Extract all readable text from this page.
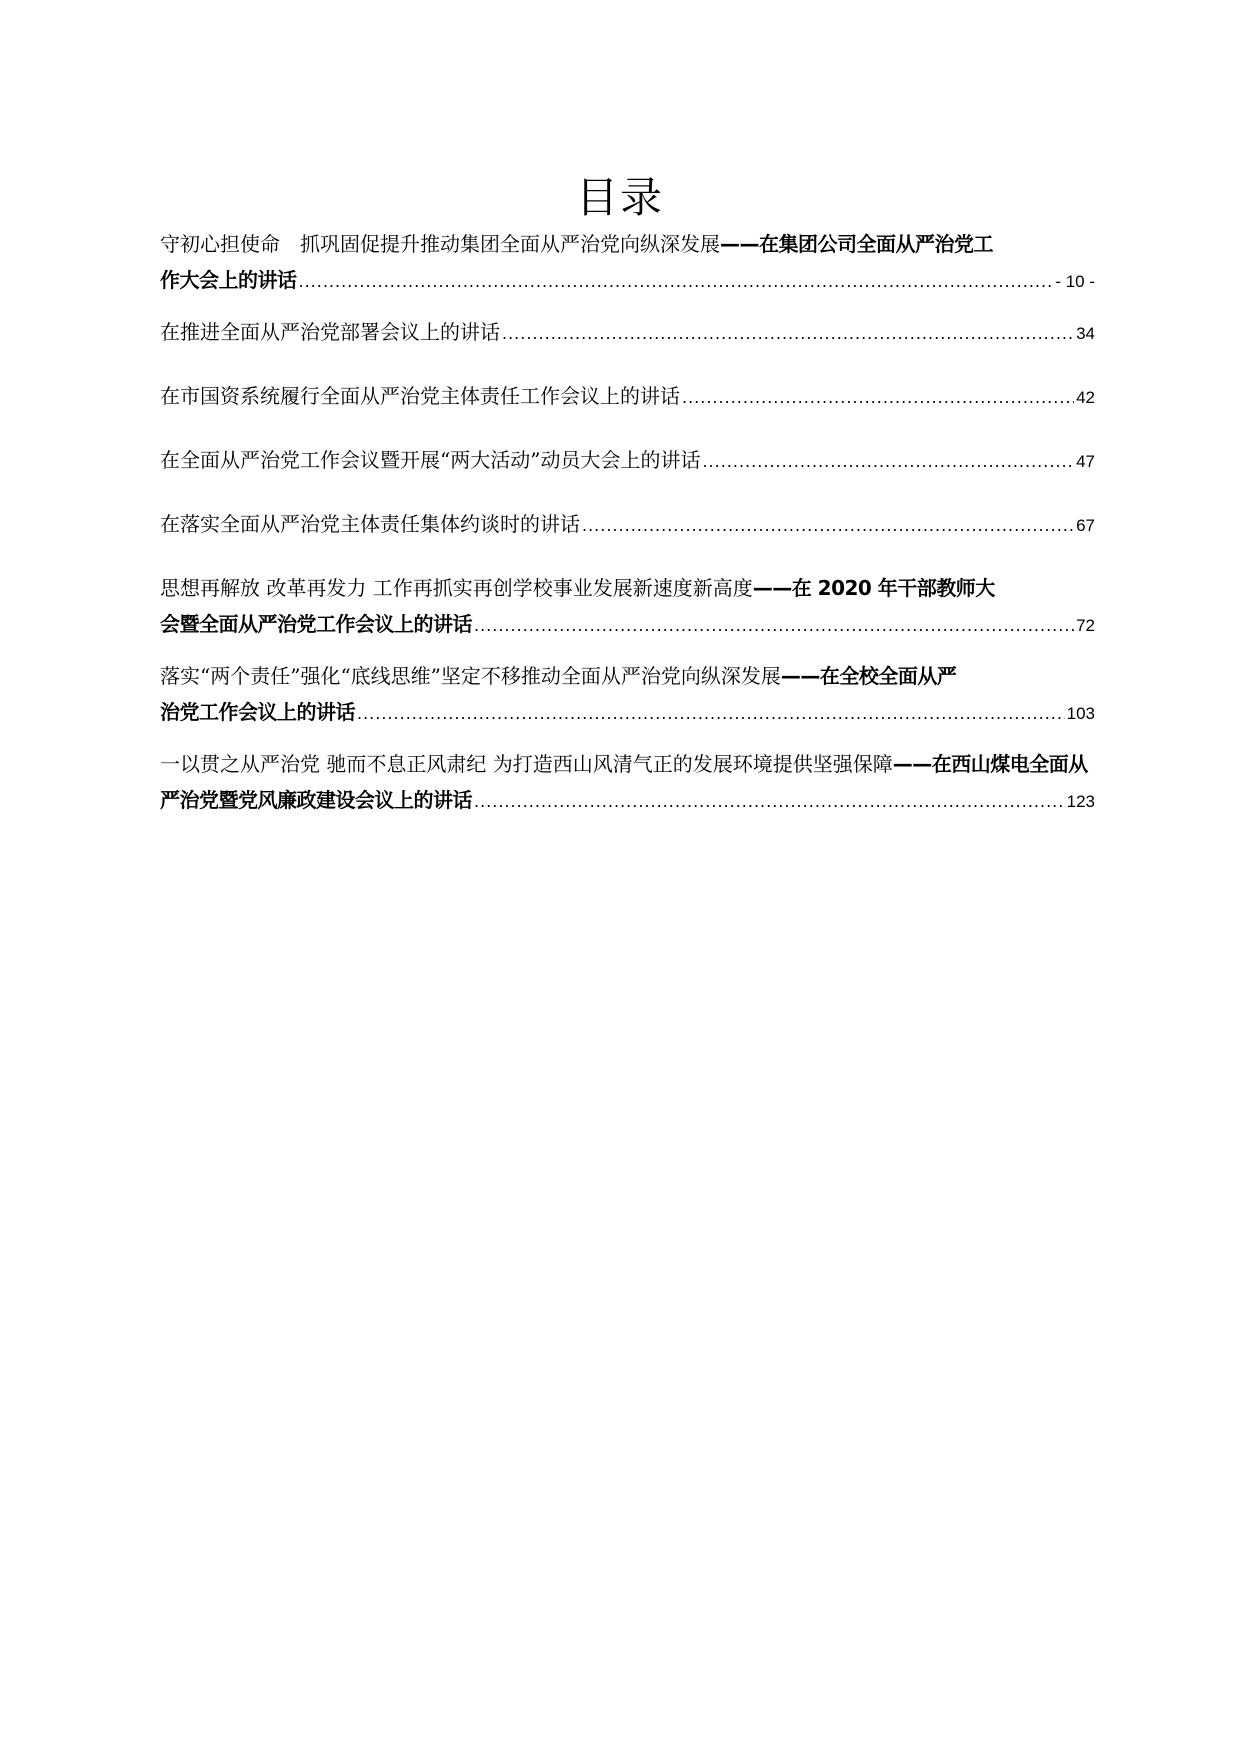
目录
守初心担使命　抓巩固促提升推动集团全面从严治党向纵深发展——在集团公司全面从严治党工
作大会上的讲话 .....	- 10 -
在推进全面从严治党部署会议上的讲话 .....	34
在市国资系统履行全面从严治党主体责任工作会议上的讲话 .....	42
在全面从严治党工作会议暨开展“两大活动”动员大会上的讲话 .....	47
在落实全面从严治党主体责任集体约谈时的讲话 .....	67
思想再解放 改革再发力 工作再抓实再创学校事业发展新速度新高度——在 2020 年干部教师大
会暨全面从严治党工作会议上的讲话 .....	72
落实“两个责任”强化“底线思维”坚定不移推动全面从严治党向纵深发展——在全校全面从严
治党工作会议上的讲话 .....	103
一以贯之从严治党 驰而不息正风肃纪 为打造西山风清气正的发展环境提供坚强保障——在西山煤电全面从
严治党暨党风廉政建设会议上的讲话 .....	123
